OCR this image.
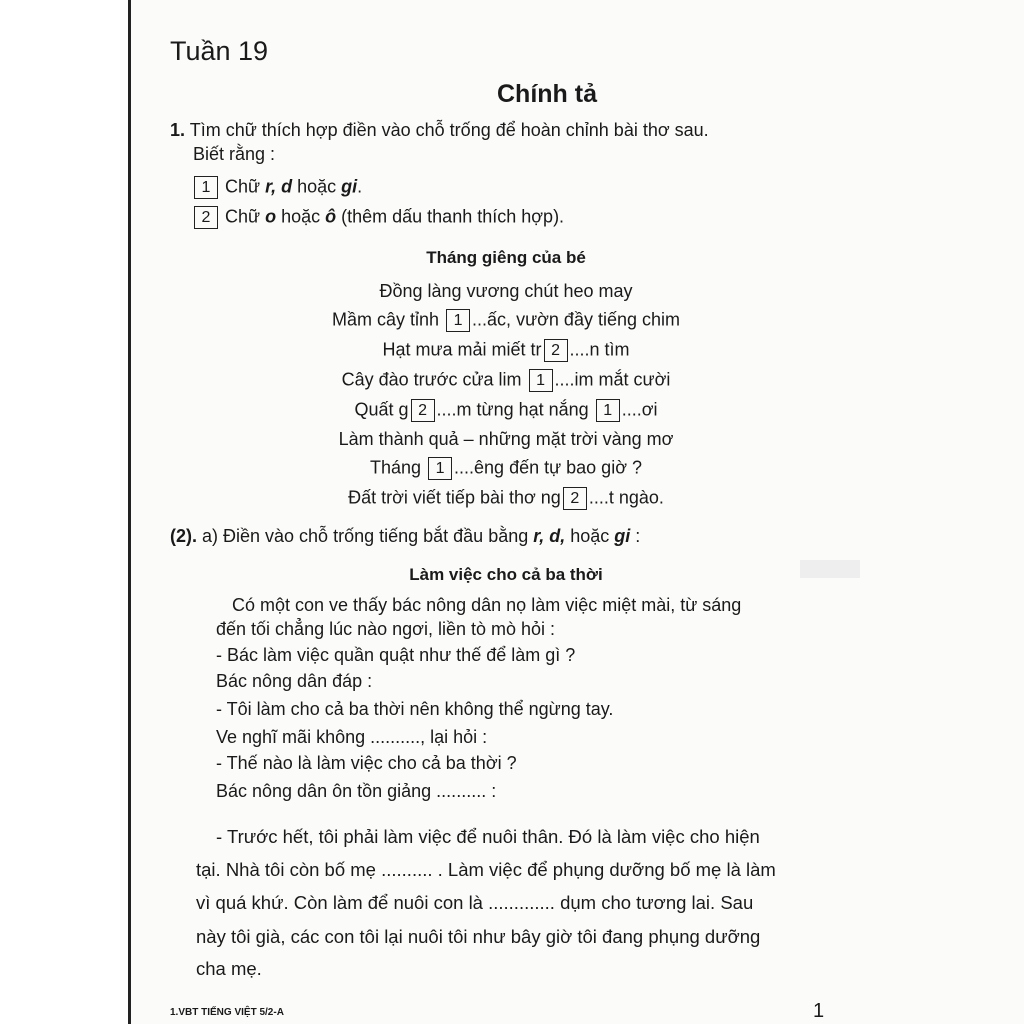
Tuần 19
Chính tả
1. Tìm chữ thích hợp điền vào chỗ trống để hoàn chỉnh bài thơ sau.
Biết rằng :
1 Chữ r, d hoặc gi.
2 Chữ o hoặc ô (thêm dấu thanh thích hợp).
Tháng giêng của bé
Đồng làng vương chút heo may
Mầm cây tỉnh 1 ...ấc, vườn đầy tiếng chim
Hạt mưa mải miết tr 2 ....n tìm
Cây đào trước cửa lim 1 ....im mắt cười
Quất g 2 ....m từng hạt nắng 1 ....ơi
Làm thành quả – những mặt trời vàng mơ
Tháng 1 ....êng đến tự bao giờ ?
Đất trời viết tiếp bài thơ ng 2 ....t ngào.
(2). a) Điền vào chỗ trống tiếng bắt đầu bằng r, d, hoặc gi :
Làm việc cho cả ba thời
Có một con ve thấy bác nông dân nọ làm việc miệt mài, từ sáng
đến tối chẳng lúc nào ngơi, liền tò mò hỏi :
- Bác làm việc quần quật như thế để làm gì ?
Bác nông dân đáp :
- Tôi làm cho cả ba thời nên không thể ngừng tay.
Ve nghĩ mãi không .........., lại hỏi :
- Thế nào là làm việc cho cả ba thời ?
Bác nông dân ôn tồn giảng .......... :
- Trước hết, tôi phải làm việc để nuôi thân. Đó là làm việc cho hiện
tại. Nhà tôi còn bố mẹ .......... . Làm việc để phụng dưỡng bố mẹ là làm
vì quá khứ. Còn làm để nuôi con là ............. dụm cho tương lai. Sau
này tôi già, các con tôi lại nuôi tôi như bây giờ tôi đang phụng dưỡng
cha mẹ.
1.VBT TIẾNG VIỆT 5/2-A	1
